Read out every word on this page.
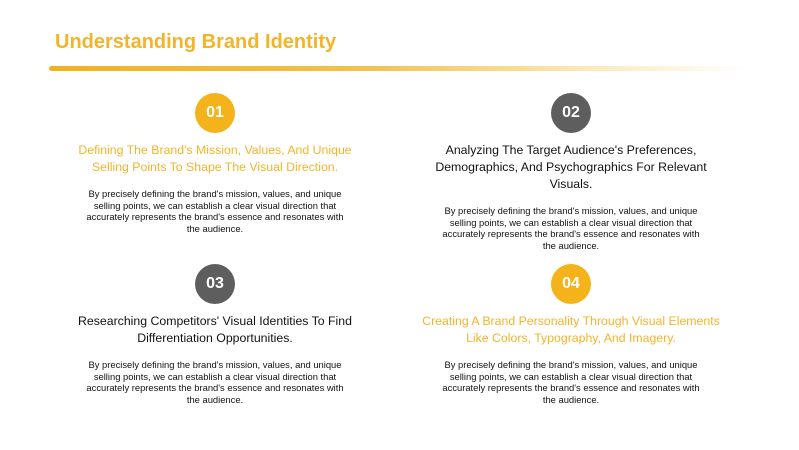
Understanding Brand Identity
01

Defining The Brand's Mission, Values, And Unique Selling Points To Shape The Visual Direction.

By precisely defining the brand's mission, values, and unique selling points, we can establish a clear visual direction that accurately represents the brand's essence and resonates with the audience.

02

Analyzing The Target Audience's Preferences, Demographics, And Psychographics For Relevant Visuals.

By precisely defining the brand's mission, values, and unique selling points, we can establish a clear visual direction that accurately represents the brand's essence and resonates with the audience.

03

Researching Competitors' Visual Identities To Find Differentiation Opportunities.

By precisely defining the brand's mission, values, and unique selling points, we can establish a clear visual direction that accurately represents the brand's essence and resonates with the audience.

04

Creating A Brand Personality Through Visual Elements Like Colors, Typography, And Imagery.

By precisely defining the brand's mission, values, and unique selling points, we can establish a clear visual direction that accurately represents the brand's essence and resonates with the audience.
